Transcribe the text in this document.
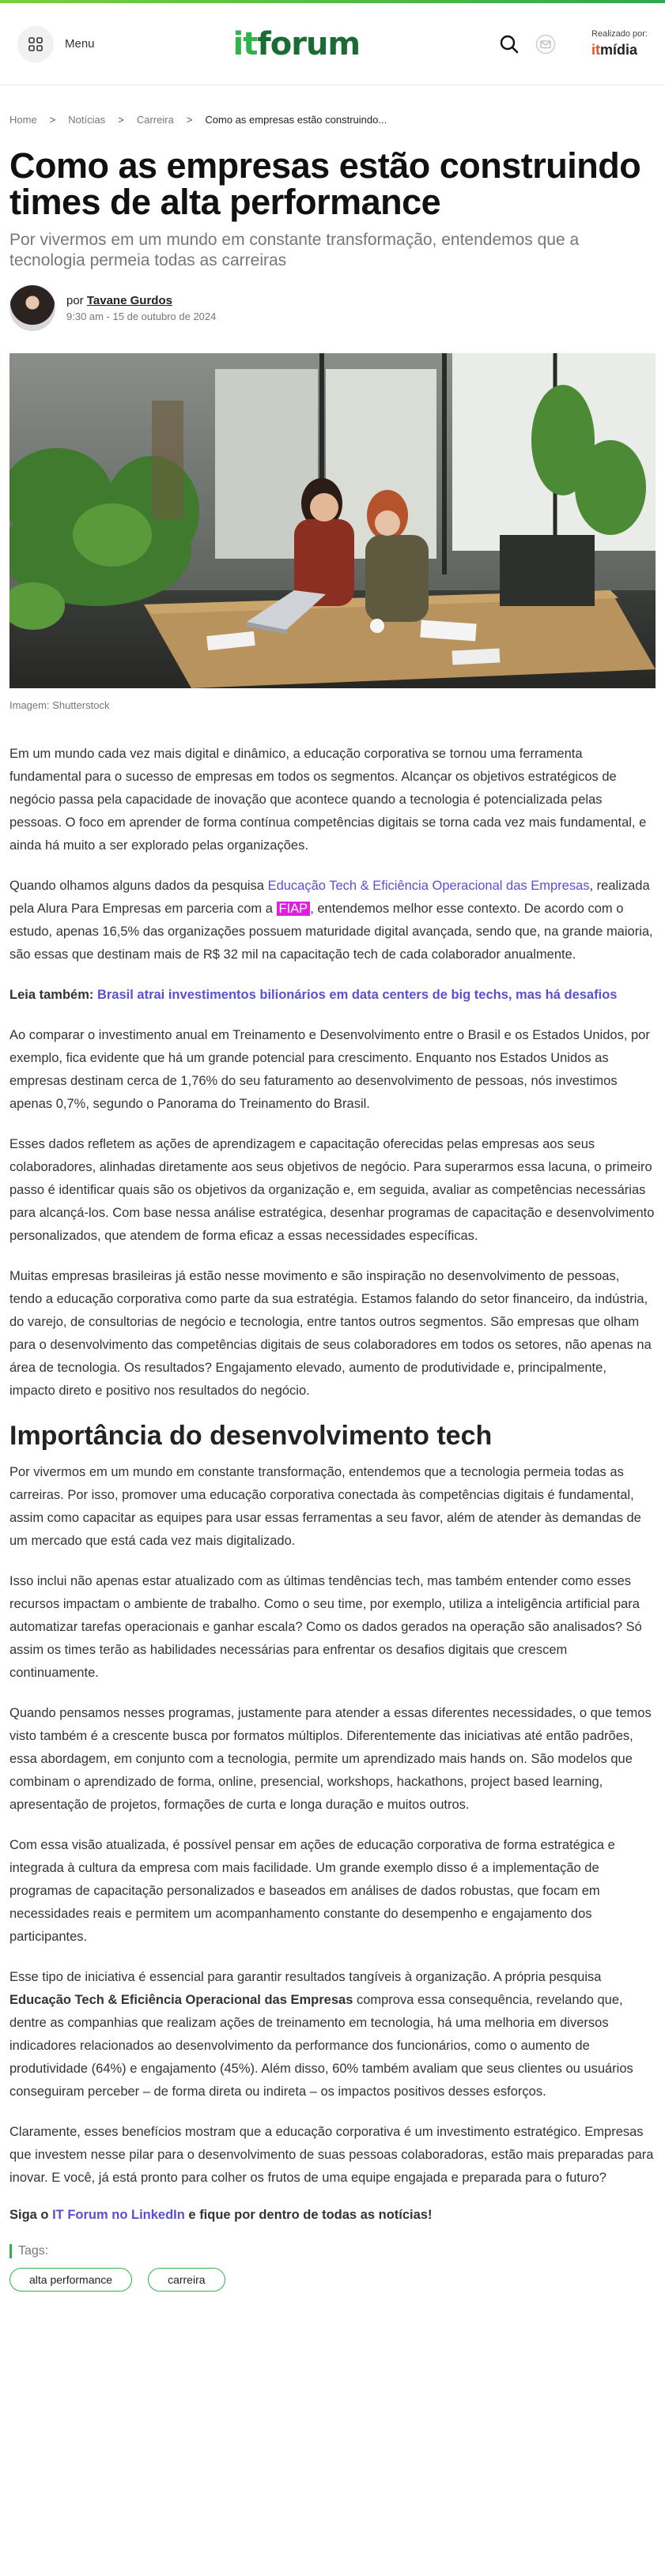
Menu	itforum	Realizado por:
itmídia
Home > Notícias > Carreira > Como as empresas estão construindo...
Como as empresas estão construindo times de alta performance

Por vivermos em um mundo em constante transformação, entendemos que a tecnologia permeia todas as carreiras

por Tavane Gurdos
9:30 am - 15 de outubro de 2024
Imagem: Shutterstock

Em um mundo cada vez mais digital e dinâmico, a educação corporativa se tornou uma ferramenta fundamental para o sucesso de empresas em todos os segmentos. Alcançar os objetivos estratégicos de negócio passa pela capacidade de inovação que acontece quando a tecnologia é potencializada pelas pessoas. O foco em aprender de forma contínua competências digitais se torna cada vez mais fundamental, e ainda há muito a ser explorado pelas organizações.

Quando olhamos alguns dados da pesquisa Educação Tech & Eficiência Operacional das Empresas, realizada pela Alura Para Empresas em parceria com a FIAP , entendemos melhor esse contexto. De acordo com o estudo, apenas 16,5% das organizações possuem maturidade digital avançada, sendo que, na grande maioria, são essas que destinam mais de R$ 32 mil na capacitação tech de cada colaborador anualmente.

Leia também: Brasil atrai investimentos bilionários em data centers de big techs, mas há desafios

Ao comparar o investimento anual em Treinamento e Desenvolvimento entre o Brasil e os Estados Unidos, por exemplo, fica evidente que há um grande potencial para crescimento. Enquanto nos Estados Unidos as empresas destinam cerca de 1,76% do seu faturamento ao desenvolvimento de pessoas, nós investimos apenas 0,7%, segundo o Panorama do Treinamento do Brasil.

Esses dados refletem as ações de aprendizagem e capacitação oferecidas pelas empresas aos seus colaboradores, alinhadas diretamente aos seus objetivos de negócio. Para superarmos essa lacuna, o primeiro passo é identificar quais são os objetivos da organização e, em seguida, avaliar as competências necessárias para alcançá-los. Com base nessa análise estratégica, desenhar programas de capacitação e desenvolvimento personalizados, que atendem de forma eficaz a essas necessidades específicas.

Muitas empresas brasileiras já estão nesse movimento e são inspiração no desenvolvimento de pessoas, tendo a educação corporativa como parte da sua estratégia. Estamos falando do setor financeiro, da indústria, do varejo, de consultorias de negócio e tecnologia, entre tantos outros segmentos. São empresas que olham para o desenvolvimento das competências digitais de seus colaboradores em todos os setores, não apenas na área de tecnologia. Os resultados? Engajamento elevado, aumento de produtividade e, principalmente, impacto direto e positivo nos resultados do negócio.

Importância do desenvolvimento tech

Por vivermos em um mundo em constante transformação, entendemos que a tecnologia permeia todas as carreiras. Por isso, promover uma educação corporativa conectada às competências digitais é fundamental, assim como capacitar as equipes para usar essas ferramentas a seu favor, além de atender às demandas de um mercado que está cada vez mais digitalizado.

Isso inclui não apenas estar atualizado com as últimas tendências tech, mas também entender como esses recursos impactam o ambiente de trabalho. Como o seu time, por exemplo, utiliza a inteligência artificial para automatizar tarefas operacionais e ganhar escala? Como os dados gerados na operação são analisados? Só assim os times terão as habilidades necessárias para enfrentar os desafios digitais que crescem continuamente.

Quando pensamos nesses programas, justamente para atender a essas diferentes necessidades, o que temos visto também é a crescente busca por formatos múltiplos. Diferentemente das iniciativas até então padrões, essa abordagem, em conjunto com a tecnologia, permite um aprendizado mais hands on. São modelos que combinam o aprendizado de forma, online, presencial, workshops, hackathons, project based learning, apresentação de projetos, formações de curta e longa duração e muitos outros.

Com essa visão atualizada, é possível pensar em ações de educação corporativa de forma estratégica e integrada à cultura da empresa com mais facilidade. Um grande exemplo disso é a implementação de programas de capacitação personalizados e baseados em análises de dados robustas, que focam em necessidades reais e permitem um acompanhamento constante do desempenho e engajamento dos participantes.

Esse tipo de iniciativa é essencial para garantir resultados tangíveis à organização. A própria pesquisa Educação Tech & Eficiência Operacional das Empresas comprova essa consequência, revelando que, dentre as companhias que realizam ações de treinamento em tecnologia, há uma melhoria em diversos indicadores relacionados ao desenvolvimento da performance dos funcionários, como o aumento de produtividade (64%) e engajamento (45%). Além disso, 60% também avaliam que seus clientes ou usuários conseguiram perceber – de forma direta ou indireta – os impactos positivos desses esforços.

Claramente, esses benefícios mostram que a educação corporativa é um investimento estratégico. Empresas que investem nesse pilar para o desenvolvimento de suas pessoas colaboradoras, estão mais preparadas para inovar. E você, já está pronto para colher os frutos de uma equipe engajada e preparada para o futuro?

Siga o IT Forum no LinkedIn e fique por dentro de todas as notícias!

Tags:
alta performance	carreira
